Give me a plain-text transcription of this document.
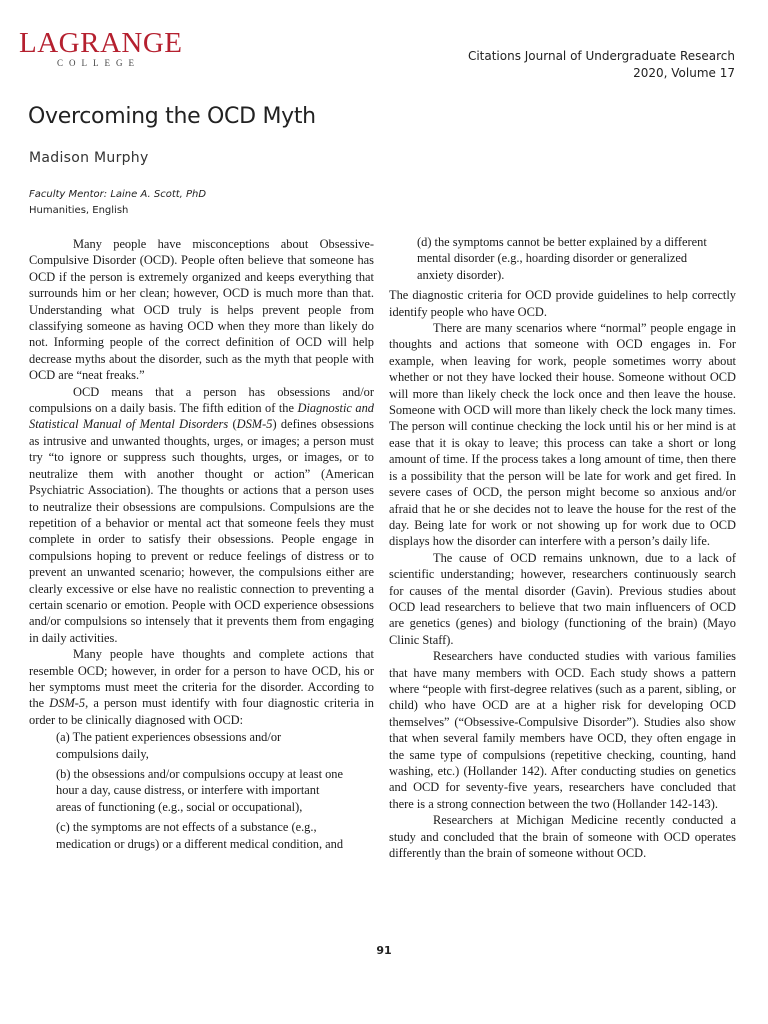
LAGRANGE
COLLEGE	Citations Journal of Undergraduate Research
2020, Volume 17
Overcoming the OCD Myth
Madison Murphy
Faculty Mentor: Laine A. Scott, PhD
Humanities, English

Many people have misconceptions about Obsessive-Compulsive Disorder (OCD). People often believe that someone has OCD if the person is extremely organized and keeps everything that surrounds him or her clean; however, OCD is much more than that. Understanding what OCD truly is helps prevent people from classifying someone as having OCD when they more than likely do not. Informing people of the correct definition of OCD will help decrease myths about the disorder, such as the myth that people with OCD are “neat freaks.”

OCD means that a person has obsessions and/or compulsions on a daily basis. The fifth edition of the Diagnostic and Statistical Manual of Mental Disorders (DSM-5) defines obsessions as intrusive and unwanted thoughts, urges, or images; a person must try “to ignore or suppress such thoughts, urges, or images, or to neutralize them with another thought or action” (American Psychiatric Association). The thoughts or actions that a person uses to neutralize their obsessions are compulsions. Compulsions are the repetition of a behavior or mental act that someone feels they must complete in order to satisfy their obsessions. People engage in compulsions hoping to prevent or reduce feelings of distress or to prevent an unwanted scenario; however, the compulsions either are clearly excessive or else have no realistic connection to preventing a certain scenario or emotion. People with OCD experience obsessions and/or compulsions so intensely that it prevents them from engaging in daily activities.

Many people have thoughts and complete actions that resemble OCD; however, in order for a person to have OCD, his or her symptoms must meet the criteria for the disorder. According to the DSM-5, a person must identify with four diagnostic criteria in order to be clinically diagnosed with OCD:

(a) The patient experiences obsessions and/or compulsions daily,

(b) the obsessions and/or compulsions occupy at least one hour a day, cause distress, or interfere with important areas of functioning (e.g., social or occupational),

(c) the symptoms are not effects of a substance (e.g., medication or drugs) or a different medical condition, and

(d) the symptoms cannot be better explained by a different mental disorder (e.g., hoarding disorder or generalized anxiety disorder).

The diagnostic criteria for OCD provide guidelines to help correctly identify people who have OCD.

There are many scenarios where “normal” people engage in thoughts and actions that someone with OCD engages in. For example, when leaving for work, people sometimes worry about whether or not they have locked their house. Someone without OCD will more than likely check the lock once and then leave the house. Someone with OCD will more than likely check the lock many times. The person will continue checking the lock until his or her mind is at ease that it is okay to leave; this process can take a short or long amount of time. If the process takes a long amount of time, then there is a possibility that the person will be late for work and get fired. In severe cases of OCD, the person might become so anxious and/or afraid that he or she decides not to leave the house for the rest of the day. Being late for work or not showing up for work due to OCD displays how the disorder can interfere with a person’s daily life.

The cause of OCD remains unknown, due to a lack of scientific understanding; however, researchers continuously search for causes of the mental disorder (Gavin). Previous studies about OCD lead researchers to believe that two main influencers of OCD are genetics (genes) and biology (functioning of the brain) (Mayo Clinic Staff).

Researchers have conducted studies with various families that have many members with OCD. Each study shows a pattern where “people with first-degree relatives (such as a parent, sibling, or child) who have OCD are at a higher risk for developing OCD themselves” (“Obsessive-Compulsive Disorder”). Studies also show that when several family members have OCD, they often engage in the same type of compulsions (repetitive checking, counting, hand washing, etc.) (Hollander 142). After conducting studies on genetics and OCD for seventy-five years, researchers have concluded that there is a strong connection between the two (Hollander 142-143).

Researchers at Michigan Medicine recently conducted a study and concluded that the brain of someone with OCD operates differently than the brain of someone without OCD.

91
